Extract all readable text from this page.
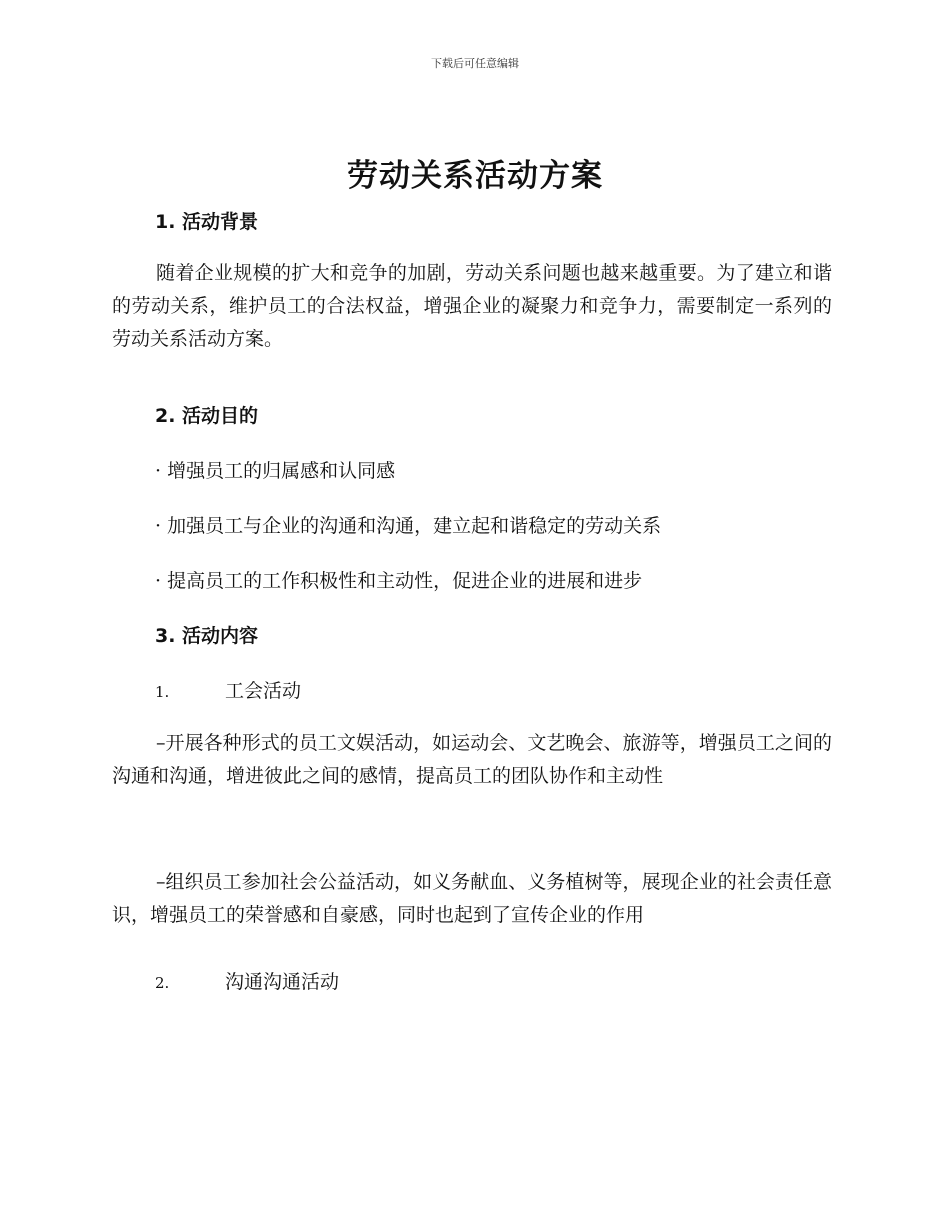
下载后可任意编辑
劳动关系活动方案
1. 活动背景

随着企业规模的扩大和竞争的加剧，劳动关系问题也越来越重要。为了建立和谐的劳动关系，维护员工的合法权益，增强企业的凝聚力和竞争力，需要制定一系列的劳动关系活动方案。

2. 活动目的

· 增强员工的归属感和认同感

· 加强员工与企业的沟通和沟通，建立起和谐稳定的劳动关系

· 提高员工的工作积极性和主动性，促进企业的进展和进步

3. 活动内容

1.	工会活动

–开展各种形式的员工文娱活动，如运动会、文艺晚会、旅游等，增强员工之间的沟通和沟通，增进彼此之间的感情，提高员工的团队协作和主动性

–组织员工参加社会公益活动，如义务献血、义务植树等，展现企业的社会责任意识，增强员工的荣誉感和自豪感，同时也起到了宣传企业的作用

2.	沟通沟通活动
